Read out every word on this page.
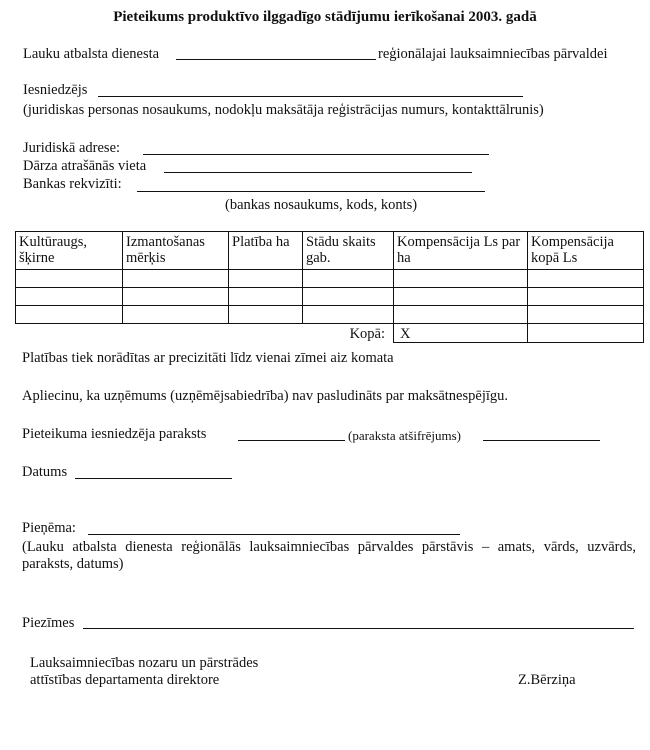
Pieteikums produktīvo ilggadīgo stādījumu ierīkošanai 2003. gadā
Lauku atbalsta dienesta	reģionālajai lauksaimniecības pārvaldei
Iesniedzējs
(juridiskas personas nosaukums, nodokļu maksātāja reģistrācijas numurs, kontakttālrunis)
Juridiskā adrese:
Dārza atrašānās vieta
Bankas rekvizīti:
(bankas nosaukums, kods, konts)
Kultūraugs, šķirne	Izmantošanas mērķis	Platība ha	Stādu skaits gab.	Kompensācija Ls par ha	Kompensācija kopā Ls

			Kopā:	X	
Platības tiek norādītas ar precizitāti līdz vienai zīmei aiz komata
Apliecinu, ka uzņēmums (uzņēmējsabiedrība) nav pasludināts par maksātnespējīgu.
Pieteikuma iesniedzēja paraksts	(paraksta atšifrējums)
Datums
Pieņēma:
(Lauku atbalsta dienesta reģionālās lauksaimniecības pārvaldes pārstāvis – amats, vārds, uzvārds, paraksts, datums)
Piezīmes
Lauksaimniecības nozaru un pārstrādes
attīstības departamenta direktore	Z.Bērziņa
